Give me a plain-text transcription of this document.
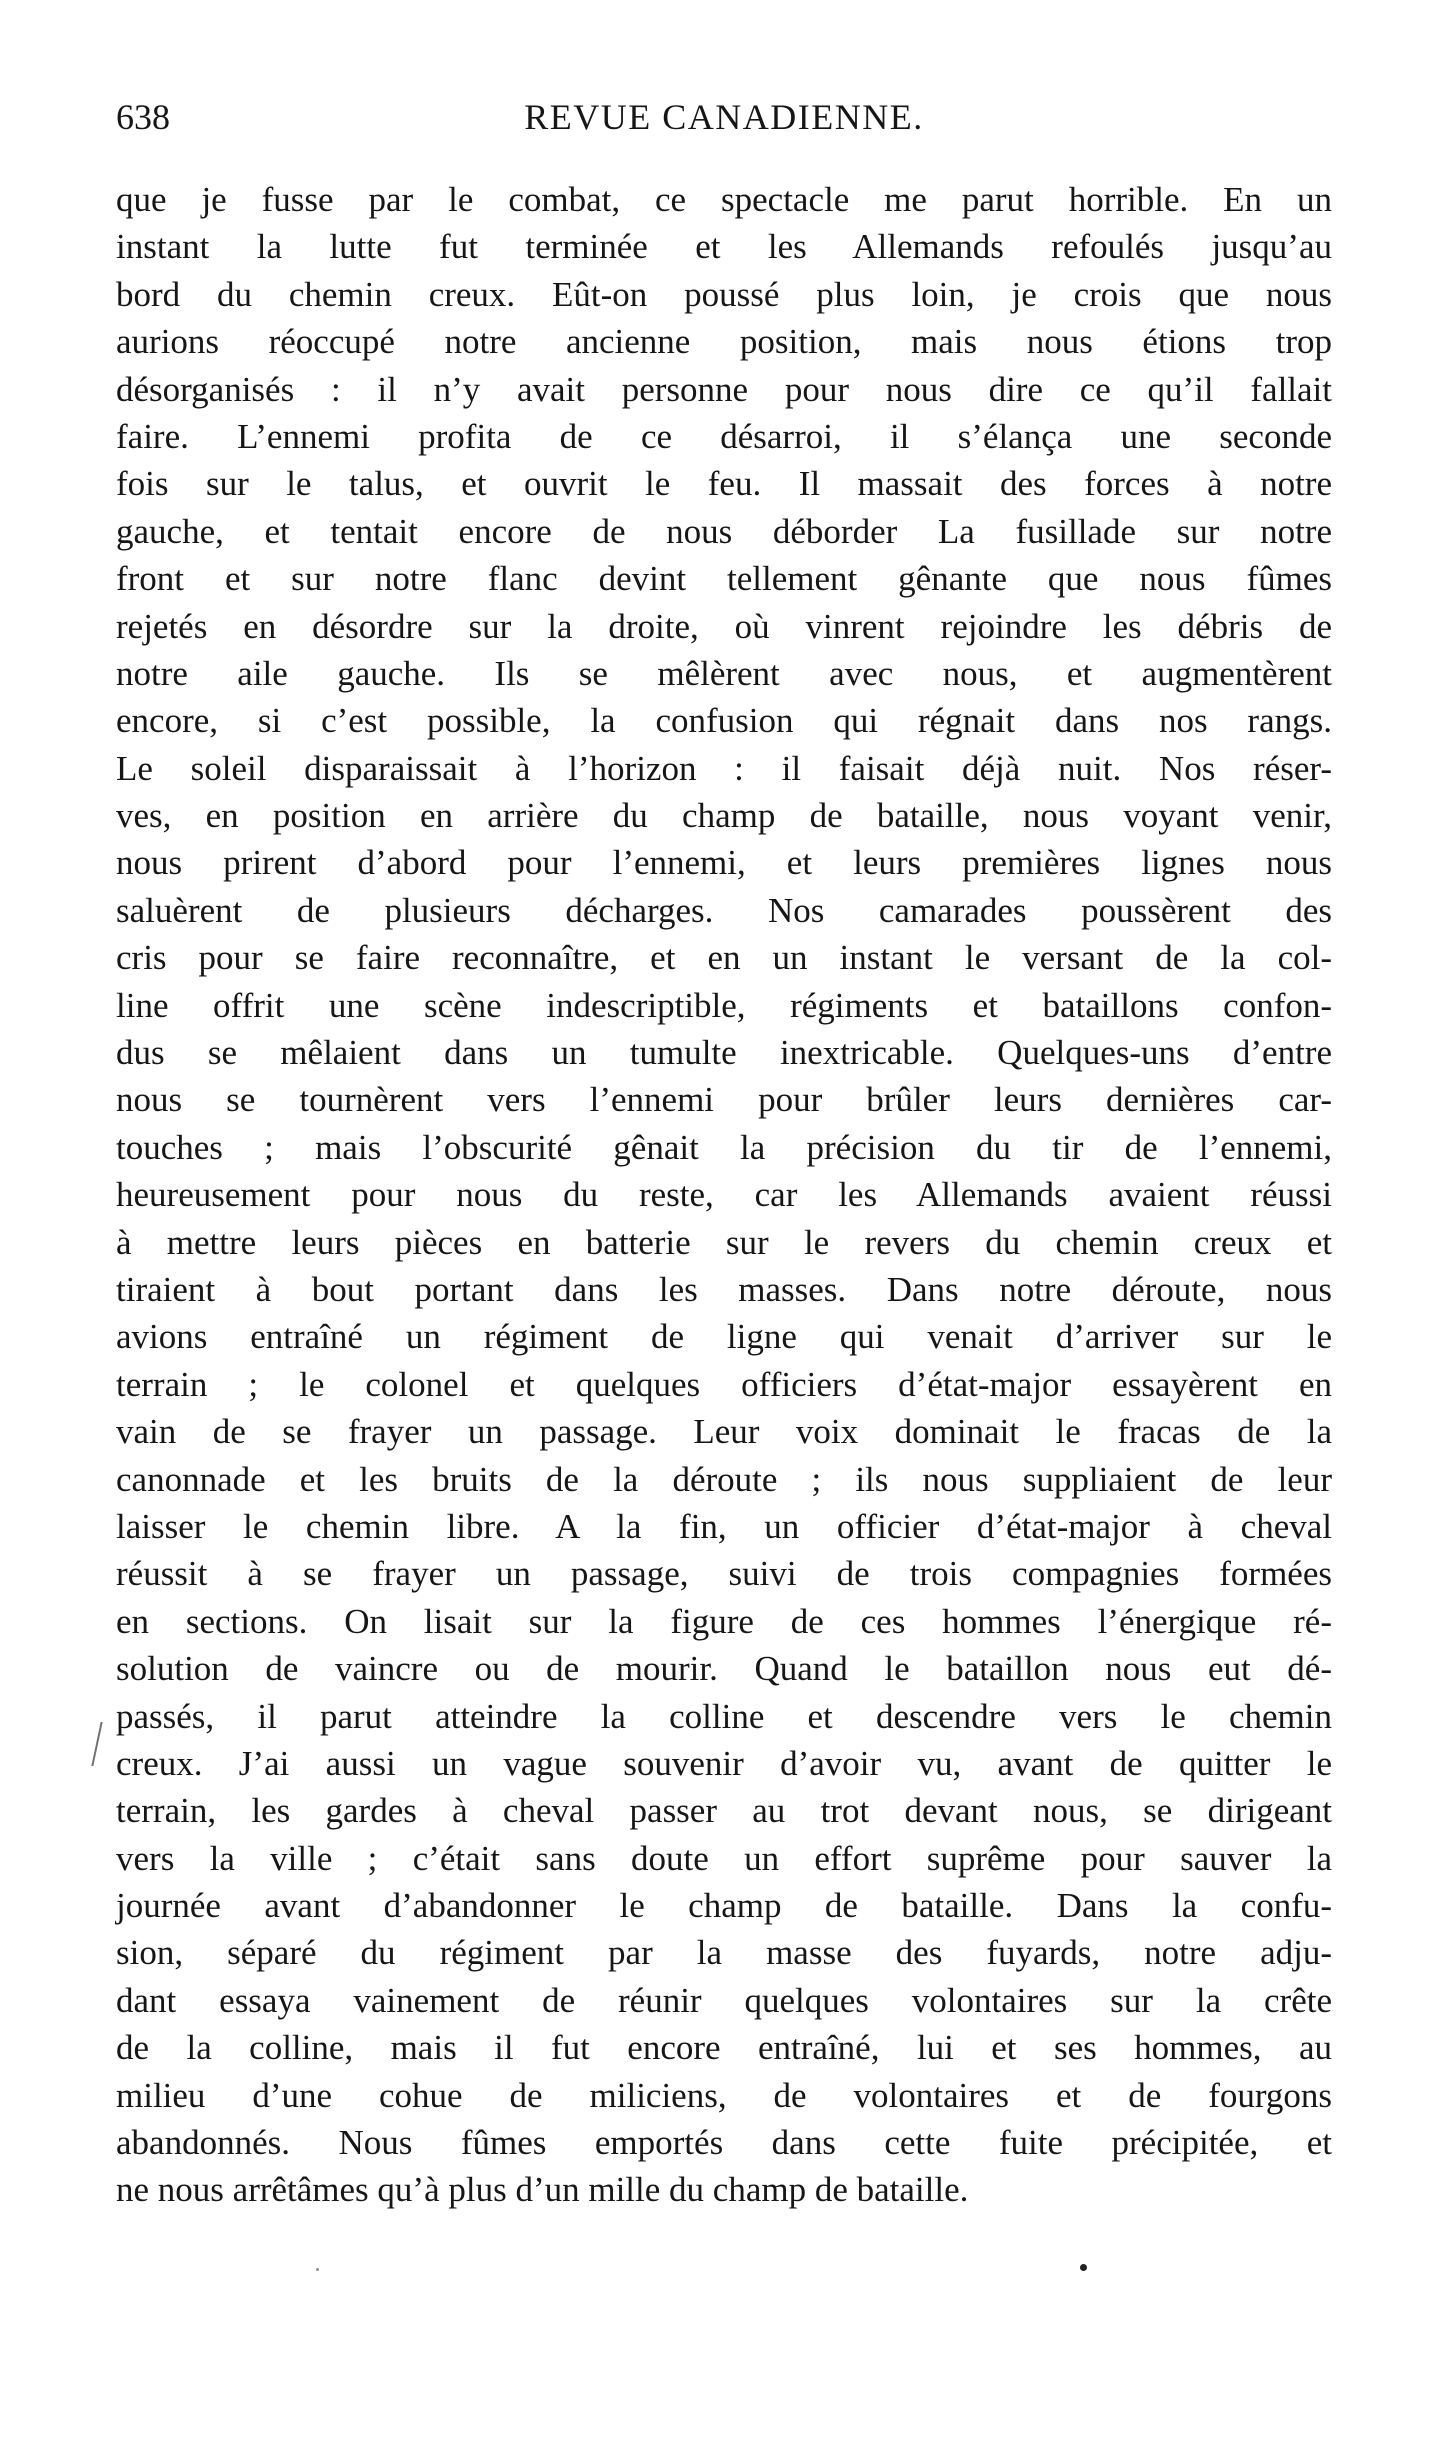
638	REVUE CANADIENNE.
que je fusse par le combat, ce spectacle me parut horrible. En un
instant la lutte fut terminée et les Allemands refoulés jusqu’au
bord du chemin creux. Eût-on poussé plus loin, je crois que nous
aurions réoccupé notre ancienne position, mais nous étions trop
désorganisés : il n’y avait personne pour nous dire ce qu’il fallait
faire. L’ennemi profita de ce désarroi, il s’élança une seconde
fois sur le talus, et ouvrit le feu. Il massait des forces à notre
gauche, et tentait encore de nous déborder La fusillade sur notre
front et sur notre flanc devint tellement gênante que nous fûmes
rejetés en désordre sur la droite, où vinrent rejoindre les débris de
notre aile gauche. Ils se mêlèrent avec nous, et augmentèrent
encore, si c’est possible, la confusion qui régnait dans nos rangs.
Le soleil disparaissait à l’horizon : il faisait déjà nuit. Nos réser-
ves, en position en arrière du champ de bataille, nous voyant venir,
nous prirent d’abord pour l’ennemi, et leurs premières lignes nous
saluèrent de plusieurs décharges. Nos camarades poussèrent des
cris pour se faire reconnaître, et en un instant le versant de la col-
line offrit une scène indescriptible, régiments et bataillons confon-
dus se mêlaient dans un tumulte inextricable. Quelques-uns d’entre
nous se tournèrent vers l’ennemi pour brûler leurs dernières car-
touches ; mais l’obscurité gênait la précision du tir de l’ennemi,
heureusement pour nous du reste, car les Allemands avaient réussi
à mettre leurs pièces en batterie sur le revers du chemin creux et
tiraient à bout portant dans les masses. Dans notre déroute, nous
avions entraîné un régiment de ligne qui venait d’arriver sur le
terrain ; le colonel et quelques officiers d’état-major essayèrent en
vain de se frayer un passage. Leur voix dominait le fracas de la
canonnade et les bruits de la déroute ; ils nous suppliaient de leur
laisser le chemin libre. A la fin, un officier d’état-major à cheval
réussit à se frayer un passage, suivi de trois compagnies formées
en sections. On lisait sur la figure de ces hommes l’énergique ré-
solution de vaincre ou de mourir. Quand le bataillon nous eut dé-
passés, il parut atteindre la colline et descendre vers le chemin
creux. J’ai aussi un vague souvenir d’avoir vu, avant de quitter le
terrain, les gardes à cheval passer au trot devant nous, se dirigeant
vers la ville ; c’était sans doute un effort suprême pour sauver la
journée avant d’abandonner le champ de bataille. Dans la confu-
sion, séparé du régiment par la masse des fuyards, notre adju-
dant essaya vainement de réunir quelques volontaires sur la crête
de la colline, mais il fut encore entraîné, lui et ses hommes, au
milieu d’une cohue de miliciens, de volontaires et de fourgons
abandonnés. Nous fûmes emportés dans cette fuite précipitée, et
ne nous arrêtâmes qu’à plus d’un mille du champ de bataille.
